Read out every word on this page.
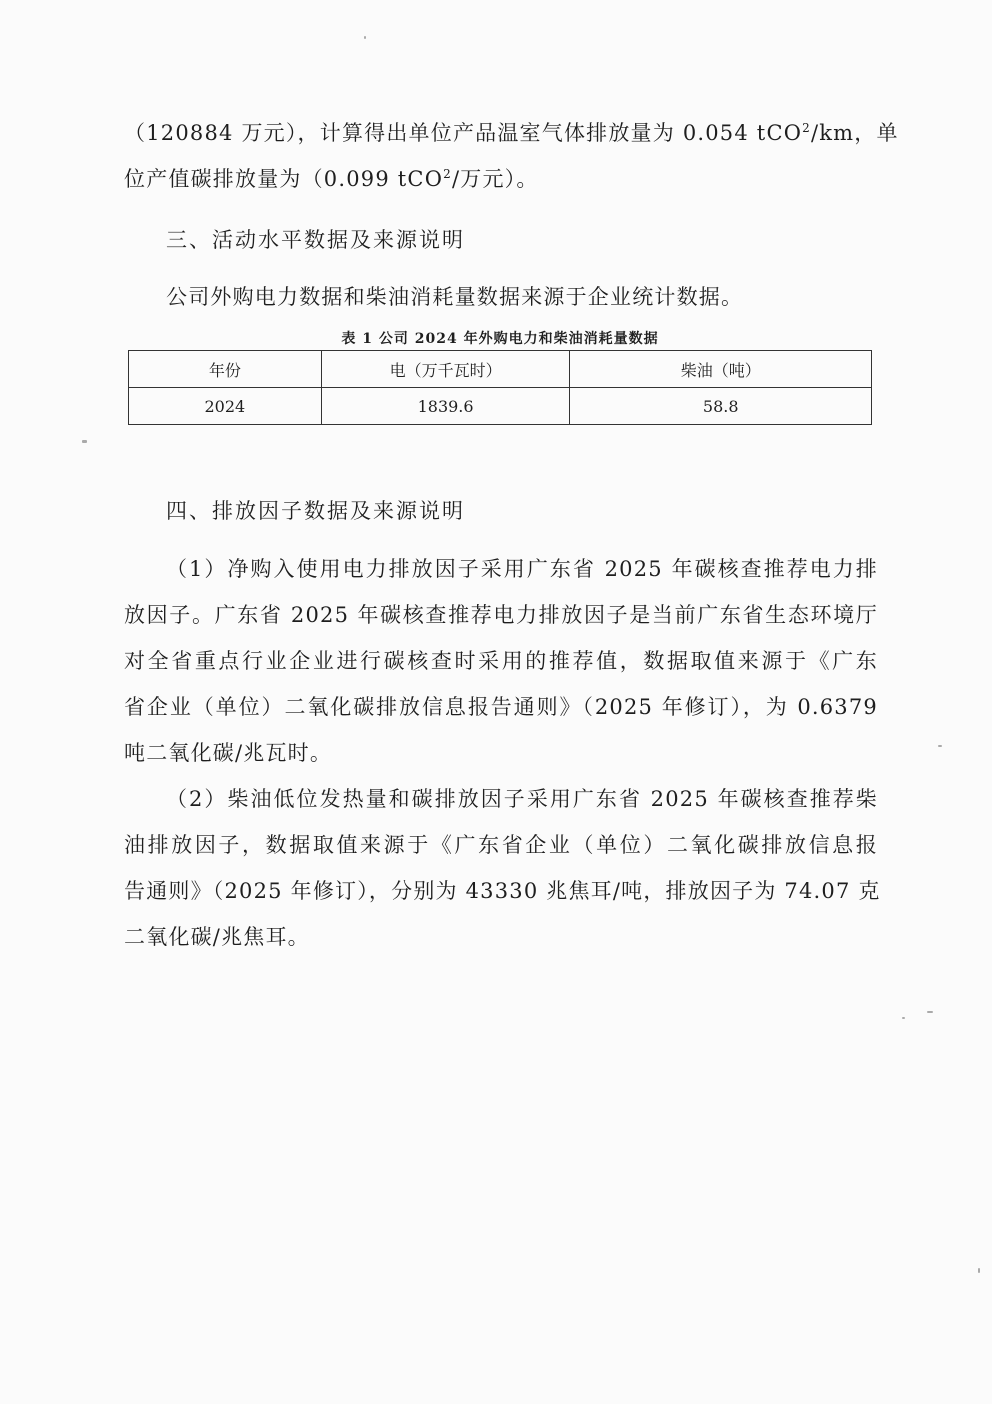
（120884 万元），计算得出单位产品温室气体排放量为 0.054 tCO$^2$/km，单
位产值碳排放量为（0.099 tCO$^2$/万元）。
三、活动水平数据及来源说明
公司外购电力数据和柴油消耗量数据来源于企业统计数据。
表 1 公司 2024 年外购电力和柴油消耗量数据
年份	电（万千瓦时）	柴油（吨）
2024	1839.6	58.8
四、排放因子数据及来源说明
（1）净购入使用电力排放因子采用广东省 2025 年碳核查推荐电力排
放因子。广东省 2025 年碳核查推荐电力排放因子是当前广东省生态环境厅
对全省重点行业企业进行碳核查时采用的推荐值，数据取值来源于《广东
省企业（单位）二氧化碳排放信息报告通则》（2025 年修订），为 0.6379
吨二氧化碳/兆瓦时。
（2）柴油低位发热量和碳排放因子采用广东省 2025 年碳核查推荐柴
油排放因子，数据取值来源于《广东省企业（单位）二氧化碳排放信息报
告通则》（2025 年修订），分别为 43330 兆焦耳/吨，排放因子为 74.07 克
二氧化碳/兆焦耳。
